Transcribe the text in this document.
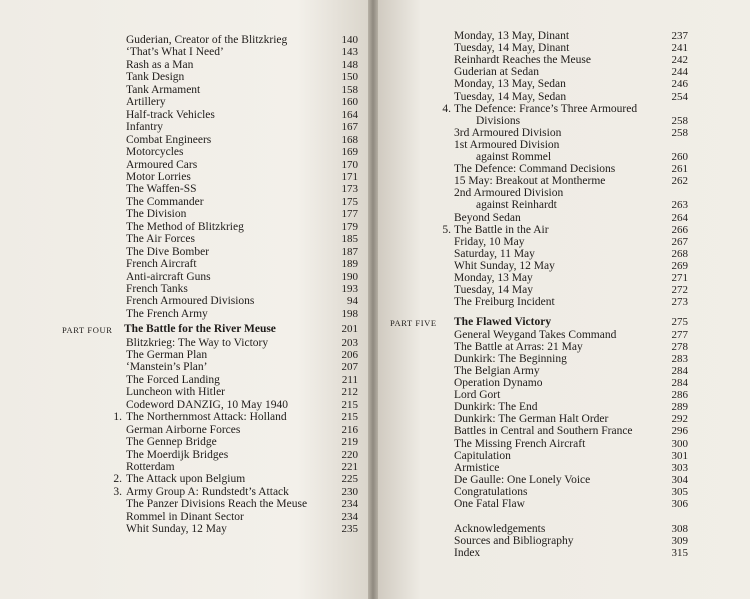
Guderian, Creator of the Blitzkrieg	140
‘That’s What I Need’	143
Rash as a Man	148
Tank Design	150
Tank Armament	158
Artillery	160
Half-track Vehicles	164
Infantry	167
Combat Engineers	168
Motorcycles	169
Armoured Cars	170
Motor Lorries	171
The Waffen-SS	173
The Commander	175
The Division	177
The Method of Blitzkrieg	179
The Air Forces	185
The Dive Bomber	187
French Aircraft	189
Anti-aircraft Guns	190
French Tanks	193
French Armoured Divisions	94
The French Army	198
PART FOUR The Battle for the River Meuse	201
Blitzkrieg: The Way to Victory	203
The German Plan	206
‘Manstein’s Plan’	207
The Forced Landing	211
Luncheon with Hitler	212
Codeword DANZIG, 10 May 1940	215
1. The Northernmost Attack: Holland	215
German Airborne Forces	216
The Gennep Bridge	219
The Moerdijk Bridges	220
Rotterdam	221
2. The Attack upon Belgium	225
3. Army Group A: Rundstedt’s Attack	230
The Panzer Divisions Reach the Meuse	234
Rommel in Dinant Sector	234
Whit Sunday, 12 May	235
Monday, 13 May, Dinant	237
Tuesday, 14 May, Dinant	241
Reinhardt Reaches the Meuse	242
Guderian at Sedan	244
Monday, 13 May, Sedan	246
Tuesday, 14 May, Sedan	254
4. The Defence: France’s Three Armoured
Divisions	258
3rd Armoured Division	258
1st Armoured Division
against Rommel	260
The Defence: Command Decisions	261
15 May: Breakout at Montherme	262
2nd Armoured Division
against Reinhardt	263
Beyond Sedan	264
5. The Battle in the Air	266
Friday, 10 May	267
Saturday, 11 May	268
Whit Sunday, 12 May	269
Monday, 13 May	271
Tuesday, 14 May	272
The Freiburg Incident	273
PART FIVE The Flawed Victory	275
General Weygand Takes Command	277
The Battle at Arras: 21 May	278
Dunkirk: The Beginning	283
The Belgian Army	284
Operation Dynamo	284
Lord Gort	286
Dunkirk: The End	289
Dunkirk: The German Halt Order	292
Battles in Central and Southern France	296
The Missing French Aircraft	300
Capitulation	301
Armistice	303
De Gaulle: One Lonely Voice	304
Congratulations	305
One Fatal Flaw	306
Acknowledgements	308
Sources and Bibliography	309
Index	315
